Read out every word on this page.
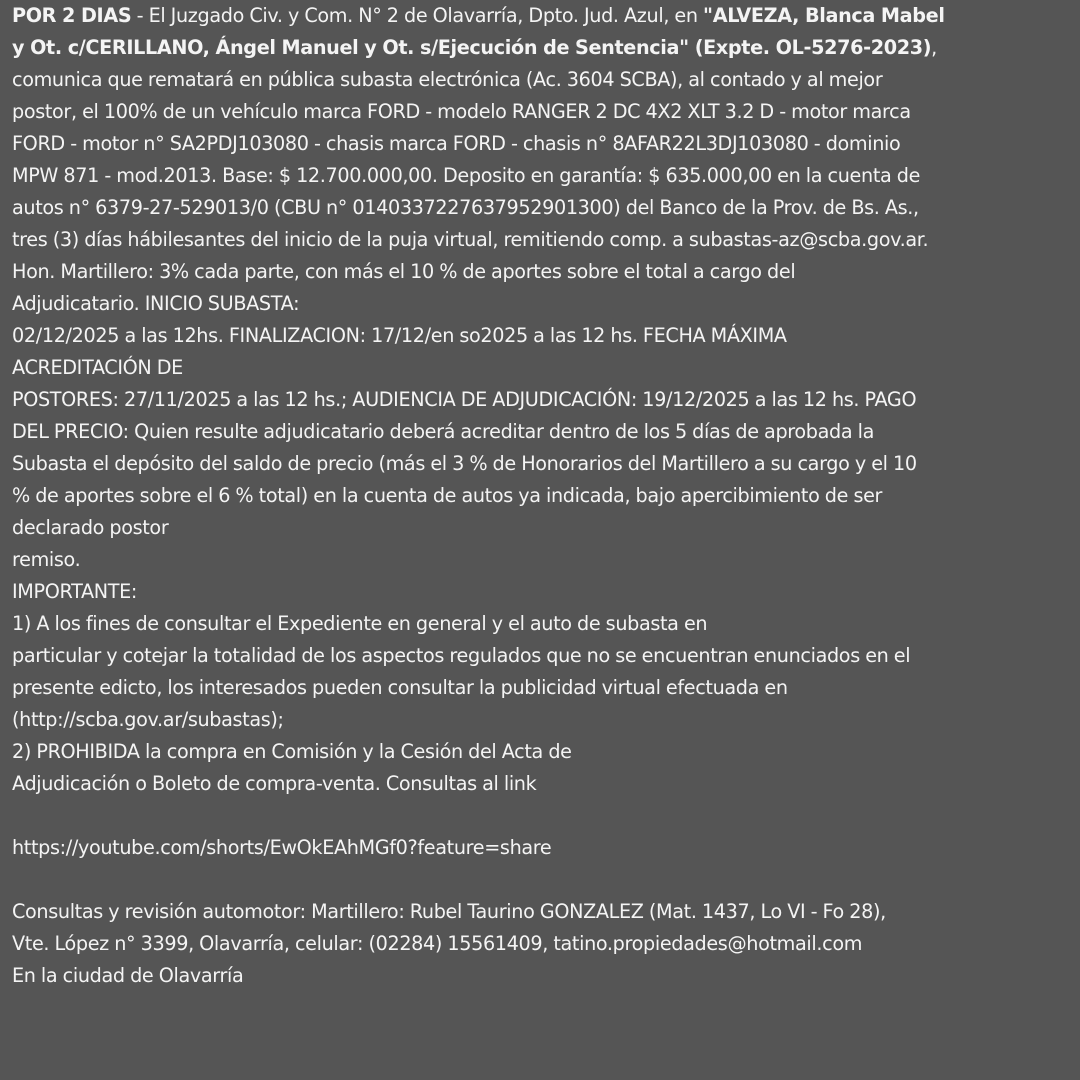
POR 2 DIAS - El Juzgado Civ. y Com. N° 2 de Olavarría, Dpto. Jud. Azul, en "ALVEZA, Blanca Mabel
y Ot. c/CERILLANO, Ángel Manuel y Ot. s/Ejecución de Sentencia" (Expte. OL-5276-2023),
comunica que rematará en pública subasta electrónica (Ac. 3604 SCBA), al contado y al mejor
postor, el 100% de un vehículo marca FORD - modelo RANGER 2 DC 4X2 XLT 3.2 D - motor marca
FORD - motor n° SA2PDJ103080 - chasis marca FORD - chasis n° 8AFAR22L3DJ103080 - dominio
MPW 871 - mod.2013. Base: $ 12.700.000,00. Deposito en garantía: $ 635.000,00 en la cuenta de
autos n° 6379-27-529013/0 (CBU n° 0140337227637952901300) del Banco de la Prov. de Bs. As.,
tres (3) días hábilesantes del inicio de la puja virtual, remitiendo comp. a subastas-az@scba.gov.ar.
Hon. Martillero: 3% cada parte, con más el 10 % de aportes sobre el total a cargo del
Adjudicatario. INICIO SUBASTA:
02/12/2025 a las 12hs. FINALIZACION: 17/12/en so2025 a las 12 hs. FECHA MÁXIMA
ACREDITACIÓN DE
POSTORES: 27/11/2025 a las 12 hs.; AUDIENCIA DE ADJUDICACIÓN: 19/12/2025 a las 12 hs. PAGO
DEL PRECIO: Quien resulte adjudicatario deberá acreditar dentro de los 5 días de aprobada la
Subasta el depósito del saldo de precio (más el 3 % de Honorarios del Martillero a su cargo y el 10
% de aportes sobre el 6 % total) en la cuenta de autos ya indicada, bajo apercibimiento de ser
declarado postor
remiso.
IMPORTANTE:
1) A los fines de consultar el Expediente en general y el auto de subasta en
particular y cotejar la totalidad de los aspectos regulados que no se encuentran enunciados en el
presente edicto, los interesados pueden consultar la publicidad virtual efectuada en
(http://scba.gov.ar/subastas);
2) PROHIBIDA la compra en Comisión y la Cesión del Acta de
Adjudicación o Boleto de compra-venta. Consultas al link
https://youtube.com/shorts/EwOkEAhMGf0?feature=share
Consultas y revisión automotor: Martillero: Rubel Taurino GONZALEZ (Mat. 1437, Lo VI - Fo 28),
Vte. López n° 3399, Olavarría, celular: (02284) 15561409, tatino.propiedades@hotmail.com
En la ciudad de Olavarría
